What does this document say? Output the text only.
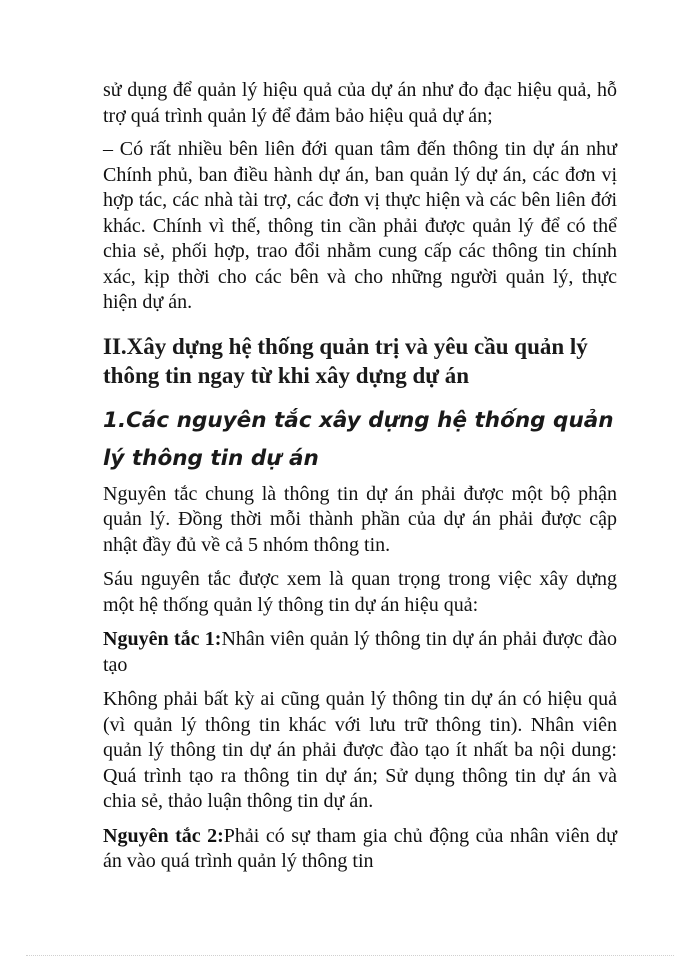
sử dụng để quản lý hiệu quả của dự án như đo đạc hiệu quả, hỗ trợ quá trình quản lý để đảm bảo hiệu quả dự án;

– Có rất nhiều bên liên đới quan tâm đến thông tin dự án như Chính phủ, ban điều hành dự án, ban quản lý dự án, các đơn vị hợp tác, các nhà tài trợ, các đơn vị thực hiện và các bên liên đới khác. Chính vì thế, thông tin cần phải được quản lý để có thể chia sẻ, phối hợp, trao đổi nhằm cung cấp các thông tin chính xác, kịp thời cho các bên và cho những người quản lý, thực hiện dự án.

II.Xây dựng hệ thống quản trị và yêu cầu quản lý thông tin ngay từ khi xây dựng dự án
1.Các nguyên tắc xây dựng hệ thống quản lý thông tin dự án

Nguyên tắc chung là thông tin dự án phải được một bộ phận quản lý. Đồng thời mỗi thành phần của dự án phải được cập nhật đầy đủ về cả 5 nhóm thông tin.

Sáu nguyên tắc được xem là quan trọng trong việc xây dựng một hệ thống quản lý thông tin dự án hiệu quả:

Nguyên tắc 1:Nhân viên quản lý thông tin dự án phải được đào tạo

Không phải bất kỳ ai cũng quản lý thông tin dự án có hiệu quả (vì quản lý thông tin khác với lưu trữ thông tin). Nhân viên quản lý thông tin dự án phải được đào tạo ít nhất ba nội dung: Quá trình tạo ra thông tin dự án; Sử dụng thông tin dự án và chia sẻ, thảo luận thông tin dự án.

Nguyên tắc 2:Phải có sự tham gia chủ động của nhân viên dự án vào quá trình quản lý thông tin
